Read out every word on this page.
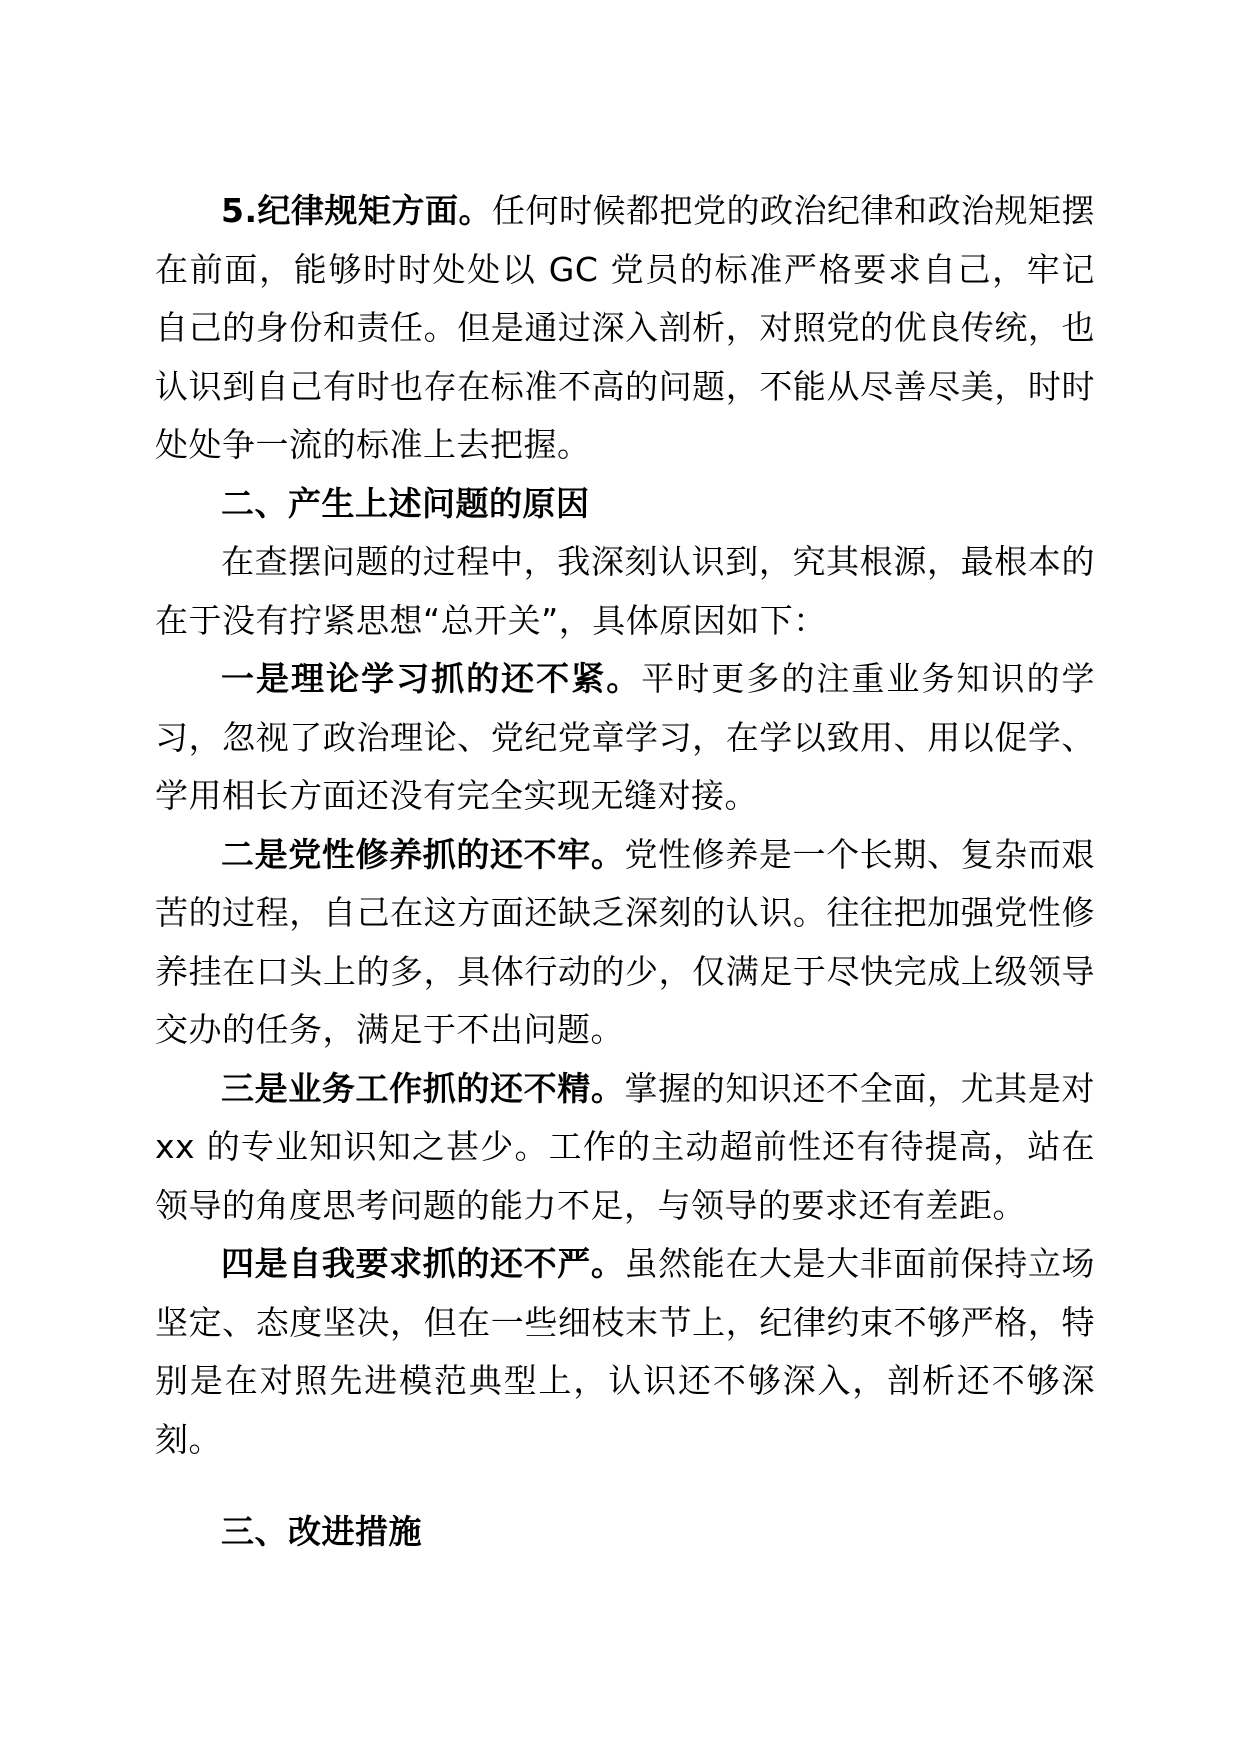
5.纪律规矩方面。任何时候都把党的政治纪律和政治规矩摆在前面，能够时时处处以 GC 党员的标准严格要求自己，牢记自己的身份和责任。但是通过深入剖析，对照党的优良传统，也认识到自己有时也存在标准不高的问题，不能从尽善尽美，时时处处争一流的标准上去把握。

二、产生上述问题的原因

在查摆问题的过程中，我深刻认识到，究其根源，最根本的在于没有拧紧思想“总开关”，具体原因如下：

一是理论学习抓的还不紧。平时更多的注重业务知识的学习，忽视了政治理论、党纪党章学习，在学以致用、用以促学、学用相长方面还没有完全实现无缝对接。

二是党性修养抓的还不牢。党性修养是一个长期、复杂而艰苦的过程，自己在这方面还缺乏深刻的认识。往往把加强党性修养挂在口头上的多，具体行动的少，仅满足于尽快完成上级领导交办的任务，满足于不出问题。

三是业务工作抓的还不精。掌握的知识还不全面，尤其是对 xx 的专业知识知之甚少。工作的主动超前性还有待提高，站在领导的角度思考问题的能力不足，与领导的要求还有差距。

四是自我要求抓的还不严。虽然能在大是大非面前保持立场坚定、态度坚决，但在一些细枝末节上，纪律约束不够严格，特别是在对照先进模范典型上，认识还不够深入，剖析还不够深刻。

三、改进措施
